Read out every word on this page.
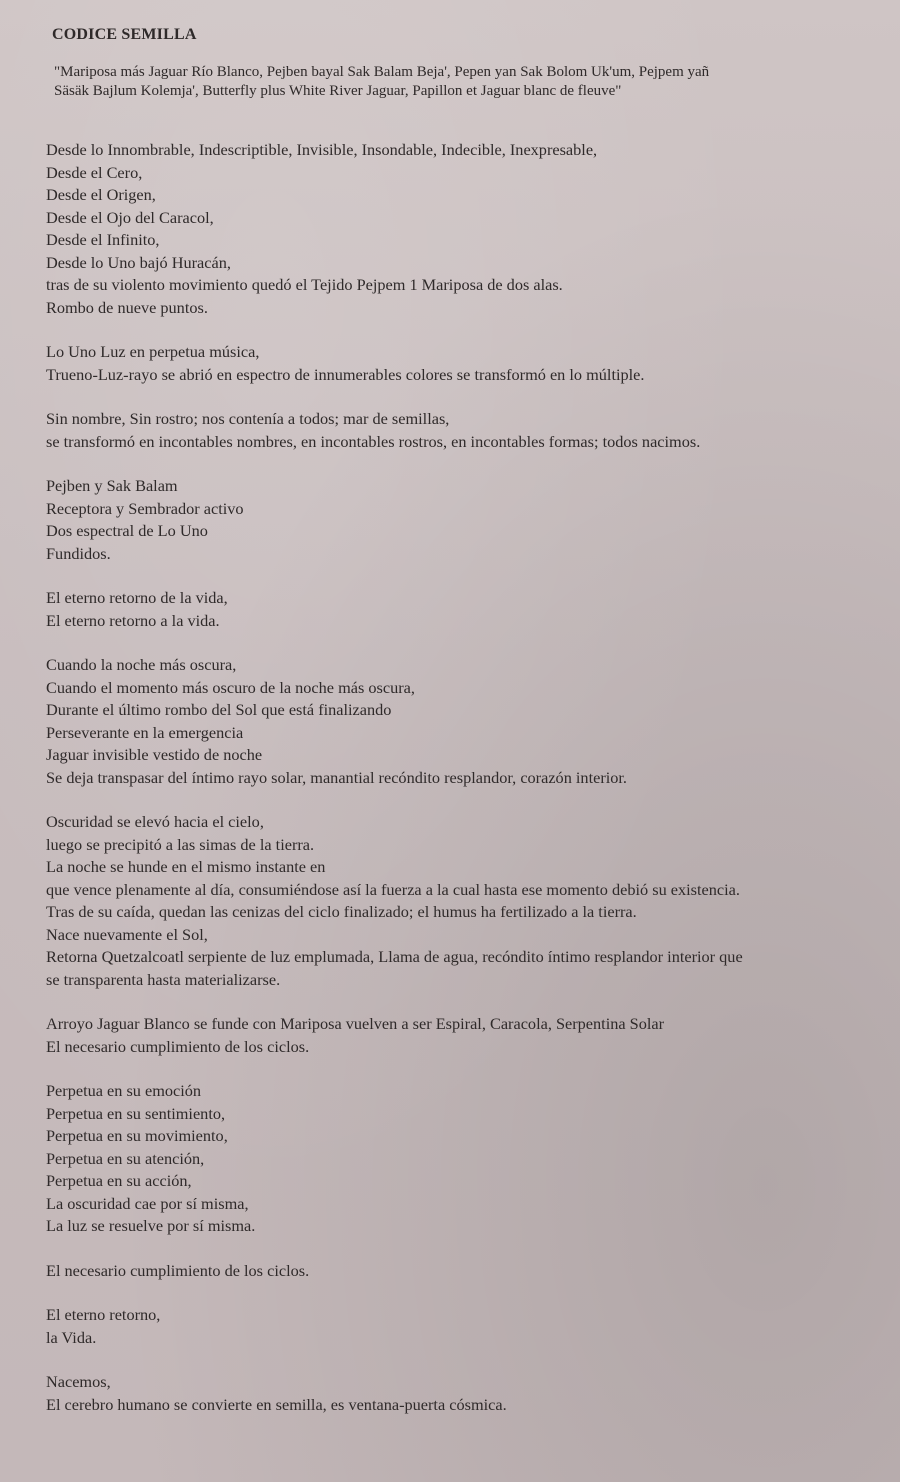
CODICE SEMILLA
"Mariposa más Jaguar Río Blanco, Pejben bayal Sak Balam Beja', Pepen yan Sak Bolom Uk'um, Pejpem yañ
Säsäk Bajlum Kolemja', Butterfly plus White River Jaguar, Papillon et Jaguar blanc de fleuve"
Desde lo Innombrable, Indescriptible, Invisible, Insondable, Indecible, Inexpresable,
Desde el Cero,
Desde el Origen,
Desde el Ojo del Caracol,
Desde el Infinito,
Desde lo Uno bajó Huracán,
tras de su violento movimiento quedó el Tejido Pejpem 1 Mariposa de dos alas.
Rombo de nueve puntos.
Lo Uno Luz en perpetua música,
Trueno-Luz-rayo se abrió en espectro de innumerables colores se transformó en lo múltiple.
Sin nombre, Sin rostro; nos contenía a todos; mar de semillas,
se transformó en incontables nombres, en incontables rostros, en incontables formas; todos nacimos.
Pejben y Sak Balam
Receptora y Sembrador activo
Dos espectral de Lo Uno
Fundidos.
El eterno retorno de la vida,
El eterno retorno a la vida.
Cuando la noche más oscura,
Cuando el momento más oscuro de la noche más oscura,
Durante el último rombo del Sol que está finalizando
Perseverante en la emergencia
Jaguar invisible vestido de noche
Se deja transpasar del íntimo rayo solar, manantial recóndito resplandor, corazón interior.
Oscuridad se elevó hacia el cielo,
luego se precipitó a las simas de la tierra.
La noche se hunde en el mismo instante en
que vence plenamente al día, consumiéndose así la fuerza a la cual hasta ese momento debió su existencia.
Tras de su caída, quedan las cenizas del ciclo finalizado; el humus ha fertilizado a la tierra.
Nace nuevamente el Sol,
Retorna Quetzalcoatl serpiente de luz emplumada, Llama de agua, recóndito íntimo resplandor interior que
se transparenta hasta materializarse.
Arroyo Jaguar Blanco se funde con Mariposa vuelven a ser Espiral, Caracola, Serpentina Solar
El necesario cumplimiento de los ciclos.
Perpetua en su emoción
Perpetua en su sentimiento,
Perpetua en su movimiento,
Perpetua en su atención,
Perpetua en su acción,
La oscuridad cae por sí misma,
La luz se resuelve por sí misma.
El necesario cumplimiento de los ciclos.
El eterno retorno,
la Vida.
Nacemos,
El cerebro humano se convierte en semilla, es ventana-puerta cósmica.
